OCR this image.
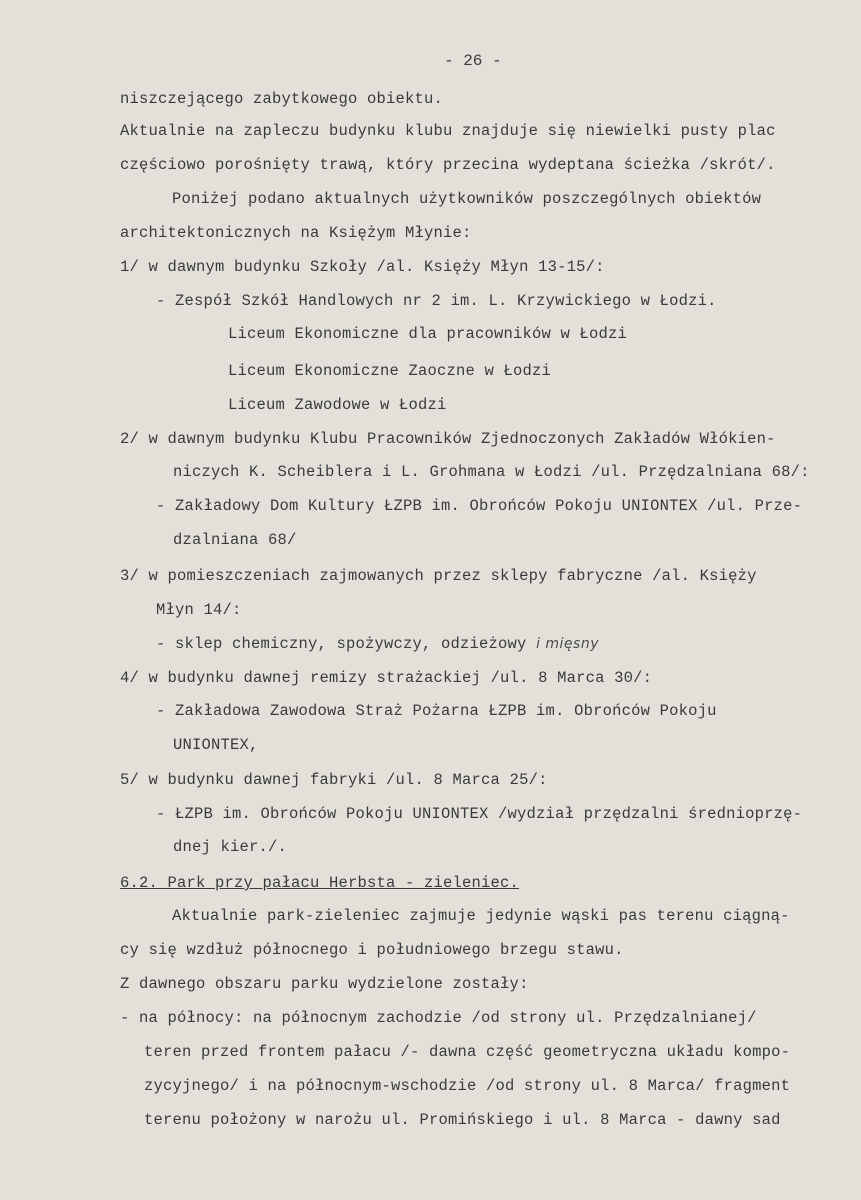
- 26 -
niszczejącego zabytkowego obiektu.
Aktualnie na zapleczu budynku klubu znajduje się niewielki pusty plac
częściowo porośnięty trawą, który przecina wydeptana ścieżka /skrót/.
Poniżej podano aktualnych użytkowników poszczególnych obiektów
architektonicznych na Księżym Młynie:
1/ w dawnym budynku Szkoły /al. Księży Młyn 13-15/:
- Zespół Szkół Handlowych nr 2 im. L. Krzywickiego w Łodzi.
Liceum Ekonomiczne dla pracowników w Łodzi
Liceum Ekonomiczne Zaoczne w Łodzi
Liceum Zawodowe w Łodzi
2/ w dawnym budynku Klubu Pracowników Zjednoczonych Zakładów Włókien-
niczych K. Scheiblera i L. Grohmana w Łodzi /ul. Przędzalniana 68/:
- Zakładowy Dom Kultury ŁZPB im. Obrońców Pokoju UNIONTEX /ul. Prze-
dzalniana 68/
3/ w pomieszczeniach zajmowanych przez sklepy fabryczne /al. Księży
Młyn 14/:
- sklep chemiczny, spożywczy, odzieżowy i mięsny
4/ w budynku dawnej remizy strażackiej /ul. 8 Marca 30/:
- Zakładowa Zawodowa Straż Pożarna ŁZPB im. Obrońców Pokoju
UNIONTEX,
5/ w budynku dawnej fabryki /ul. 8 Marca 25/:
- ŁZPB im. Obrońców Pokoju UNIONTEX /wydział przędzalni średnioprzę-
dnej kier./.
6.2. Park przy pałacu Herbsta - zieleniec.
Aktualnie park-zieleniec zajmuje jedynie wąski pas terenu ciągną-
cy się wzdłuż północnego i południowego brzegu stawu.
Z dawnego obszaru parku wydzielone zostały:
- na północy: na północnym zachodzie /od strony ul. Przędzalnianej/
teren przed frontem pałacu /- dawna część geometryczna układu kompo-
zycyjnego/ i na północnym-wschodzie /od strony ul. 8 Marca/ fragment
terenu położony w narożu ul. Promińskiego i ul. 8 Marca - dawny sad
